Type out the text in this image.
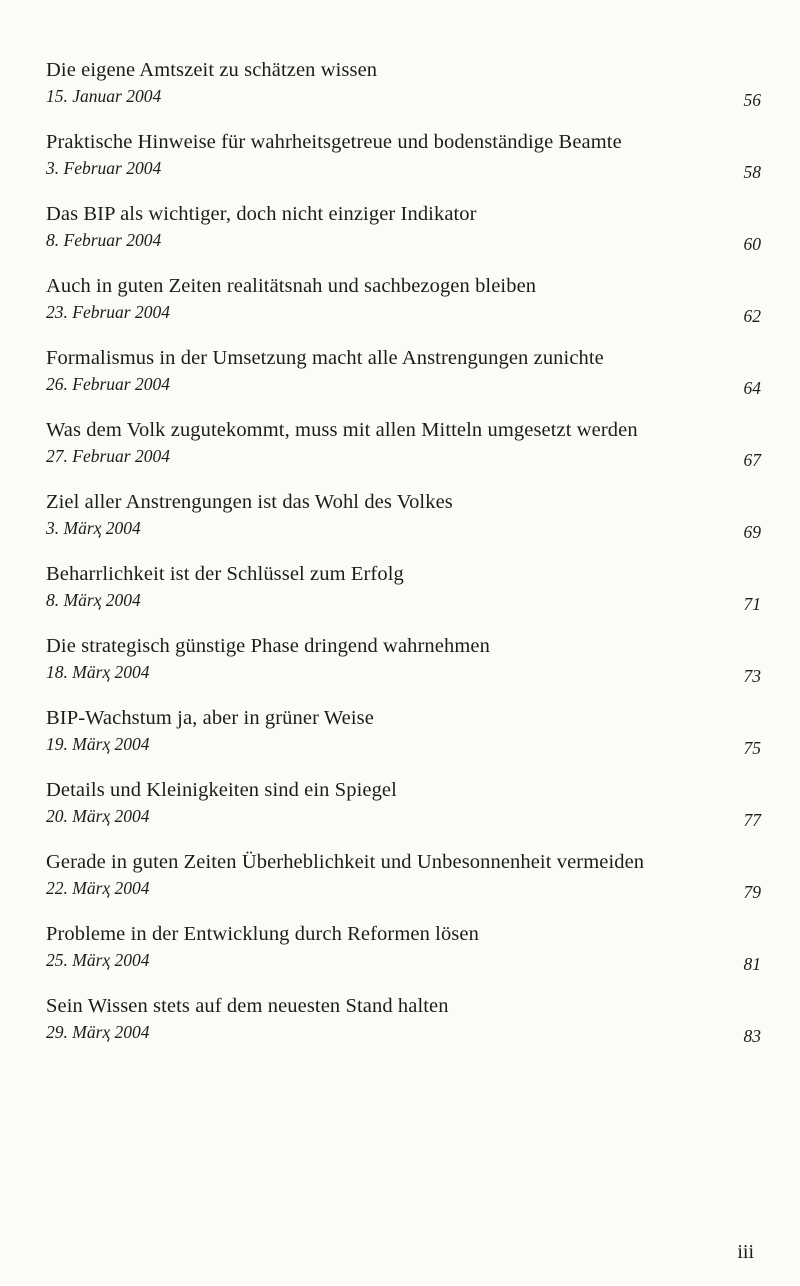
Die eigene Amtszeit zu schätzen wissen
15. Januar 2004	56
Praktische Hinweise für wahrheitsgetreue und bodenständige Beamte
3. Februar 2004	58
Das BIP als wichtiger, doch nicht einziger Indikator
8. Februar 2004	60
Auch in guten Zeiten realitätsnah und sachbezogen bleiben
23. Februar 2004	62
Formalismus in der Umsetzung macht alle Anstrengungen zunichte
26. Februar 2004	64
Was dem Volk zugutekommt, muss mit allen Mitteln umgesetzt werden
27. Februar 2004	67
Ziel aller Anstrengungen ist das Wohl des Volkes
3. Märҳ 2004	69
Beharrlichkeit ist der Schlüssel zum Erfolg
8. Märҳ 2004	71
Die strategisch günstige Phase dringend wahrnehmen
18. Märҳ 2004	73
BIP-Wachstum ja, aber in grüner Weise
19. Märҳ 2004	75
Details und Kleinigkeiten sind ein Spiegel
20. Märҳ 2004	77
Gerade in guten Zeiten Überheblichkeit und Unbesonnenheit vermeiden
22. Märҳ 2004	79
Probleme in der Entwicklung durch Reformen lösen
25. Märҳ 2004	81
Sein Wissen stets auf dem neuesten Stand halten
29. Märҳ 2004	83
iii
